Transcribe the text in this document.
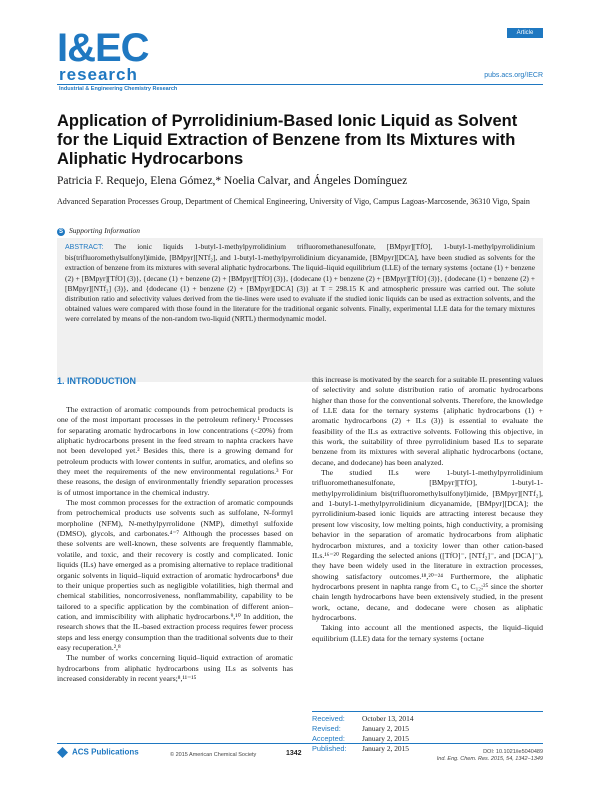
I&EC
research
Industrial & Engineering Chemistry Research
Article
pubs.acs.org/IECR
Application of Pyrrolidinium-Based Ionic Liquid as Solvent for the Liquid Extraction of Benzene from Its Mixtures with Aliphatic Hydrocarbons
Patricia F. Requejo, Elena Gómez,* Noelia Calvar, and Ángeles Domínguez
Advanced Separation Processes Group, Department of Chemical Engineering, University of Vigo, Campus Lagoas-Marcosende, 36310 Vigo, Spain
S Supporting Information
ABSTRACT: The ionic liquids 1-butyl-1-methylpyrrolidinium trifluoromethanesulfonate, [BMpyr][TfO], 1-butyl-1-methylpyrrolidinium bis(trifluoromethylsulfonyl)imide, [BMpyr][NTf₂], and 1-butyl-1-methylpyrrolidinium dicyanamide, [BMpyr][DCA], have been studied as solvents for the extraction of benzene from its mixtures with several aliphatic hydrocarbons. The liquid–liquid equilibrium (LLE) of the ternary systems {octane (1) + benzene (2) + [BMpyr][TfO] (3)}, {decane (1) + benzene (2) + [BMpyr][TfO] (3)}, {dodecane (1) + benzene (2) + [BMpyr][TfO] (3)}, {dodecane (1) + benzene (2) + [BMpyr][NTf₂] (3)}, and {dodecane (1) + benzene (2) + [BMpyr][DCA] (3)} at T = 298.15 K and atmospheric pressure was carried out. The solute distribution ratio and selectivity values derived from the tie-lines were used to evaluate if the studied ionic liquids can be used as extraction solvents, and the obtained values were compared with those found in the literature for the traditional organic solvents. Finally, experimental LLE data for the ternary mixtures were correlated by means of the non-random two-liquid (NRTL) thermodynamic model.
1. INTRODUCTION

The extraction of aromatic compounds from petrochemical products is one of the most important processes in the petroleum refinery.¹ Processes for separating aromatic hydrocarbons in low concentrations (<20%) from aliphatic hydrocarbons present in the feed stream to naphta crackers have not been developed yet.² Besides this, there is a growing demand for petroleum products with lower contents in sulfur, aromatics, and olefins so they meet the requirements of the new environmental regulations.³ For these reasons, the design of environmentally friendly separation processes is of utmost importance in the chemical industry.

The most common processes for the extraction of aromatic compounds from petrochemical products use solvents such as sulfolane, N-formyl morpholine (NFM), N-methylpyrrolidone (NMP), dimethyl sulfoxide (DMSO), glycols, and carbonates.⁴⁻⁷ Although the processes based on these solvents are well-known, these solvents are frequently flammable, volatile, and toxic, and their recovery is costly and complicated. Ionic liquids (ILs) have emerged as a promising alternative to replace traditional organic solvents in liquid–liquid extraction of aromatic hydrocarbons⁸ due to their unique properties such as negligible volatilities, high thermal and chemical stabilities, noncorrosiveness, nonflammability, capability to be tailored to a specific application by the combination of different anion–cation, and immiscibility with aliphatic hydrocarbons.⁹,¹⁰ In addition, the research shows that the IL-based extraction process requires fewer process steps and less energy consumption than the traditional solvents due to their easy recuperation.²,⁸

The number of works concerning liquid–liquid extraction of aromatic hydrocarbons from aliphatic hydrocarbons using ILs as solvents has increased considerably in recent years;⁸,¹¹⁻¹⁵

this increase is motivated by the search for a suitable IL presenting values of selectivity and solute distribution ratio of aromatic hydrocarbons higher than those for the conventional solvents. Therefore, the knowledge of LLE data for the ternary systems {aliphatic hydrocarbons (1) + aromatic hydrocarbons (2) + ILs (3)} is essential to evaluate the feasibility of the ILs as extractive solvents. Following this objective, in this work, the suitability of three pyrrolidinium based ILs to separate benzene from its mixtures with several aliphatic hydrocarbons (octane, decane, and dodecane) has been analyzed.

The studied ILs were 1-butyl-1-methylpyrrolidinium trifluoromethanesulfonate, [BMpyr][TfO], 1-butyl-1-methylpyrrolidinium bis(trifluoromethylsulfonyl)imide, [BMpyr][NTf₂], and 1-butyl-1-methylpyrrolidinium dicyanamide, [BMpyr][DCA]; the pyrrolidinium-based ionic liquids are attracting interest because they present low viscosity, low melting points, high conductivity, a promising behavior in the separation of aromatic hydrocarbons from aliphatic hydrocarbon mixtures, and a toxicity lower than other cation-based ILs.¹⁶⁻²⁰ Regarding the selected anions ([TfO]⁻, [NTf₂]⁻, and [DCA]⁻), they have been widely used in the literature in extraction processes, showing satisfactory outcomes.¹⁸,²⁰⁻²⁴ Furthermore, the aliphatic hydrocarbons present in naphta range from C₄ to C₁₂;²⁵ since the shorter chain length hydrocarbons have been extensively studied, in the present work, octane, decane, and dodecane were chosen as aliphatic hydrocarbons.

Taking into account all the mentioned aspects, the liquid–liquid equilibrium (LLE) data for the ternary systems {octane

Received: October 13, 2014
Revised:	January 2, 2015
Accepted: January 2, 2015
Published: January 2, 2015
ACS Publications	© 2015 American Chemical Society	1342	DOI: 10.1021/ie5040489
Ind. Eng. Chem. Res. 2015, 54, 1342−1349
